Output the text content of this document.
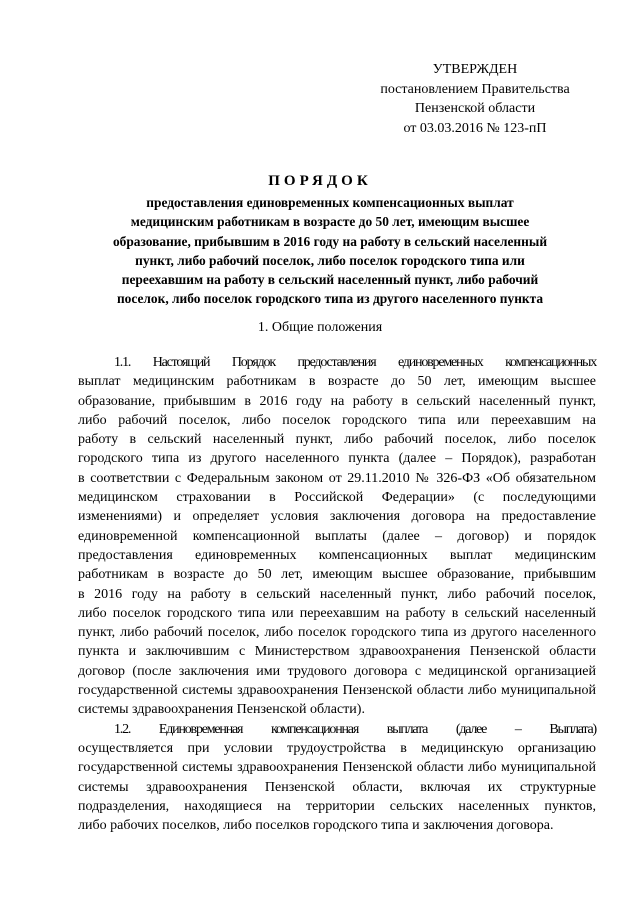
УТВЕРЖДЕН
постановлением Правительства
Пензенской области
от 03.03.2016 № 123-пП
ПОРЯДОК
предоставления единовременных компенсационных выплат
медицинским работникам в возрасте до 50 лет, имеющим высшее
образование, прибывшим в 2016 году на работу в сельский населенный
пункт, либо рабочий поселок, либо поселок городского типа или
переехавшим на работу в сельский населенный пункт, либо рабочий
поселок, либо поселок городского типа из другого населенного пункта
1. Общие положения
1.1. Настоящий Порядок предоставления единовременных компенсационных
выплат медицинским работникам в возрасте до 50 лет, имеющим высшее
образование, прибывшим в 2016 году на работу в сельский населенный пункт,
либо рабочий поселок, либо поселок городского типа или переехавшим на
работу в сельский населенный пункт, либо рабочий поселок, либо поселок
городского типа из другого населенного пункта (далее – Порядок), разработан
в соответствии с Федеральным законом от 29.11.2010 № 326-ФЗ «Об обязательном
медицинском страховании в Российской Федерации» (с последующими
изменениями) и определяет условия заключения договора на предоставление
единовременной компенсационной выплаты (далее – договор) и порядок
предоставления единовременных компенсационных выплат медицинским
работникам в возрасте до 50 лет, имеющим высшее образование, прибывшим
в 2016 году на работу в сельский населенный пункт, либо рабочий поселок,
либо поселок городского типа или переехавшим на работу в сельский населенный
пункт, либо рабочий поселок, либо поселок городского типа из другого населенного
пункта и заключившим с Министерством здравоохранения Пензенской области
договор (после заключения ими трудового договора с медицинской организацией
государственной системы здравоохранения Пензенской области либо муниципальной
системы здравоохранения Пензенской области).
1.2. Единовременная компенсационная выплата (далее – Выплата)
осуществляется при условии трудоустройства в медицинскую организацию
государственной системы здравоохранения Пензенской области либо муниципальной
системы здравоохранения Пензенской области, включая их структурные
подразделения, находящиеся на территории сельских населенных пунктов,
либо рабочих поселков, либо поселков городского типа и заключения договора.
